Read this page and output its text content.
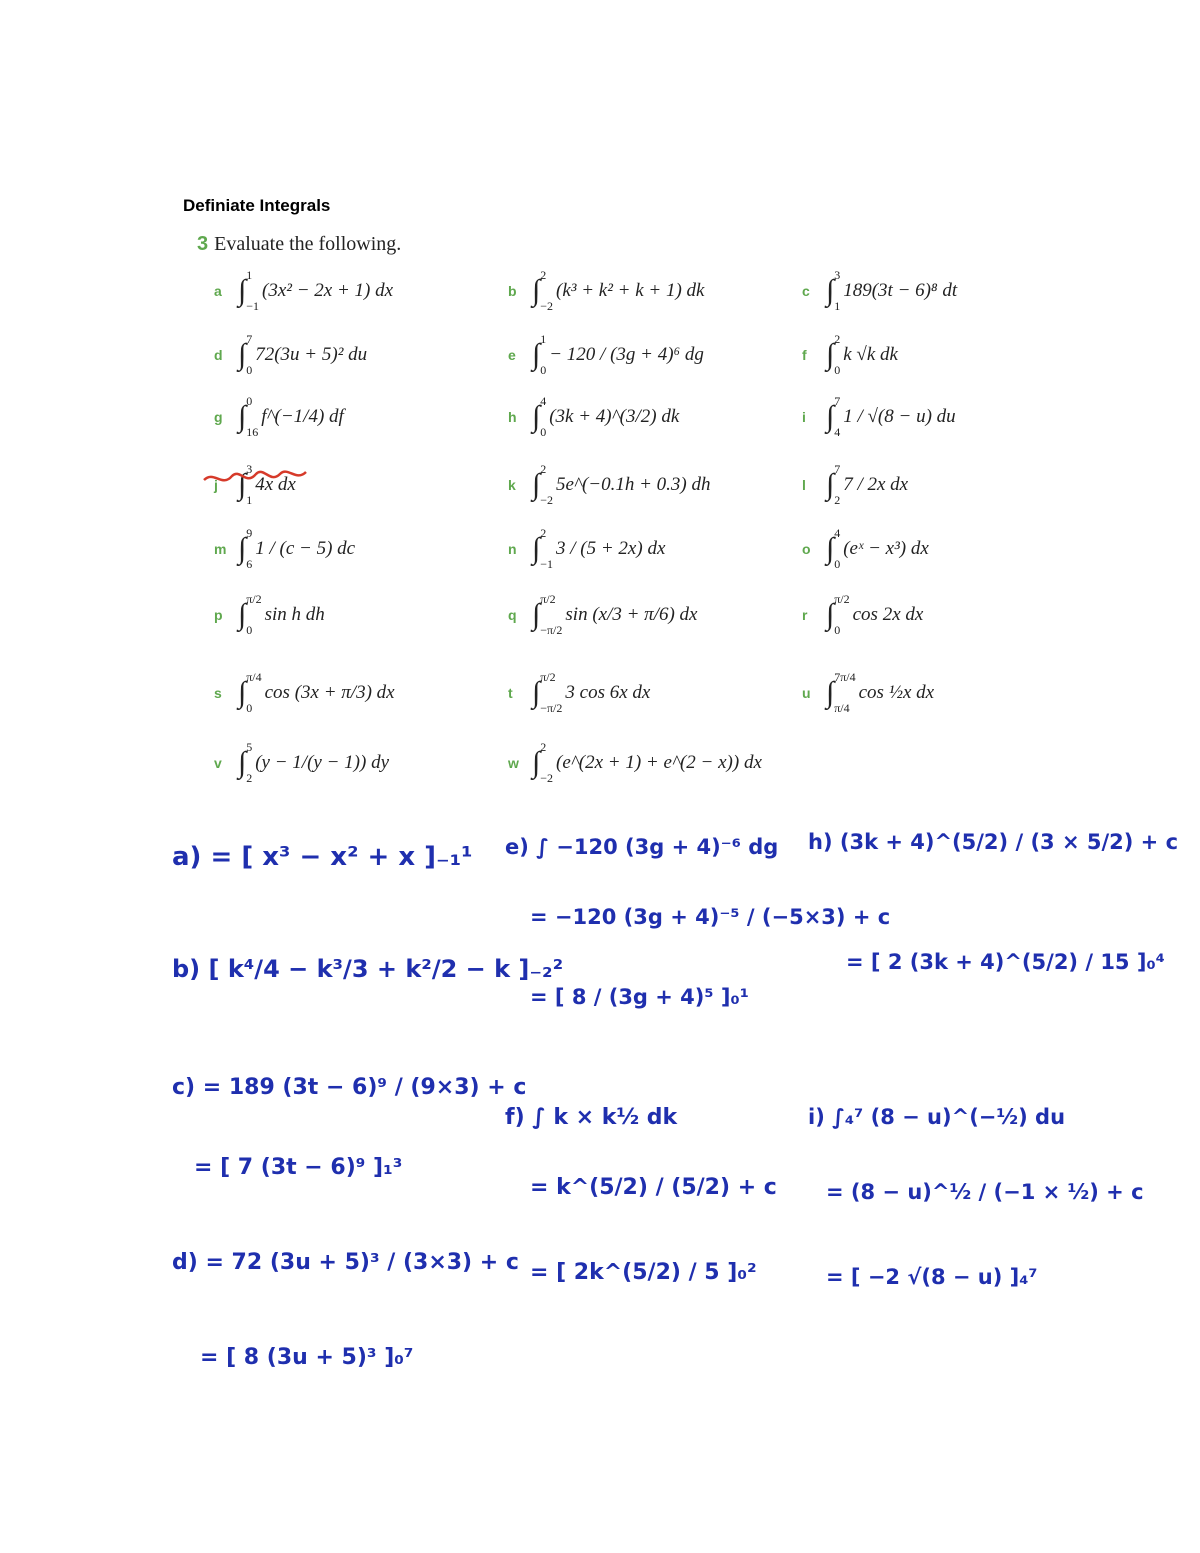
Definiate Integrals
3 Evaluate the following.
a ∫ 1
−1
(3x² − 2x + 1) dx	b ∫ 2
−2
(k³ + k² + k + 1) dk	c ∫ 3
1
189(3t − 6)⁸ dt
d ∫ 7
0
72(3u + 5)² du	e ∫ 1
0
− 120 / (3g + 4)⁶ dg	f ∫ 2
0
k √k dk
g ∫ 0
16
f^(−1/4) df	h ∫ 4
0
(3k + 4)^(3/2) dk	i ∫ 7
4
1 / √(8 − u) du
j ∫ 3
1
4x dx	k ∫ 2
−2
5e^(−0.1h + 0.3) dh	l ∫ 7
2
7 / 2x dx
m ∫ 9
6
1 / (c − 5) dc	n ∫ 2
−1
3 / (5 + 2x) dx	o ∫ 4
0
(eˣ − x³) dx
p ∫ π/2
0
sin h dh	q ∫ π/2
−π/2
sin (x/3 + π/6) dx	r ∫ π/2
0
cos 2x dx
s ∫ π/4
0
cos (3x + π/3) dx	t ∫ π/2
−π/2
3 cos 6x dx	u ∫ 7π/4
π/4
cos ½x dx
v ∫ 5
2
(y − 1/(y − 1)) dy	w ∫ 2
−2
(e^(2x + 1) + e^(2 − x)) dx
a) = [ x³ − x² + x ]₋₁¹
b) [ k⁴/4 − k³/3 + k²/2 − k ]₋₂²
c) = 189 (3t − 6)⁹ / (9×3) + c
= [ 7 (3t − 6)⁹ ]₁³
d) = 72 (3u + 5)³ / (3×3) + c
= [ 8 (3u + 5)³ ]₀⁷
e) ∫ −120 (3g + 4)⁻⁶ dg
= −120 (3g + 4)⁻⁵ / (−5×3) + c
= [ 8 / (3g + 4)⁵ ]₀¹
f) ∫ k × k½ dk
= k^(5/2) / (5/2) + c
= [ 2k^(5/2) / 5 ]₀²
h) (3k + 4)^(5/2) / (3 × 5/2) + c
= [ 2 (3k + 4)^(5/2) / 15 ]₀⁴
i) ∫₄⁷ (8 − u)^(−½) du
= (8 − u)^½ / (−1 × ½) + c
= [ −2 √(8 − u) ]₄⁷
